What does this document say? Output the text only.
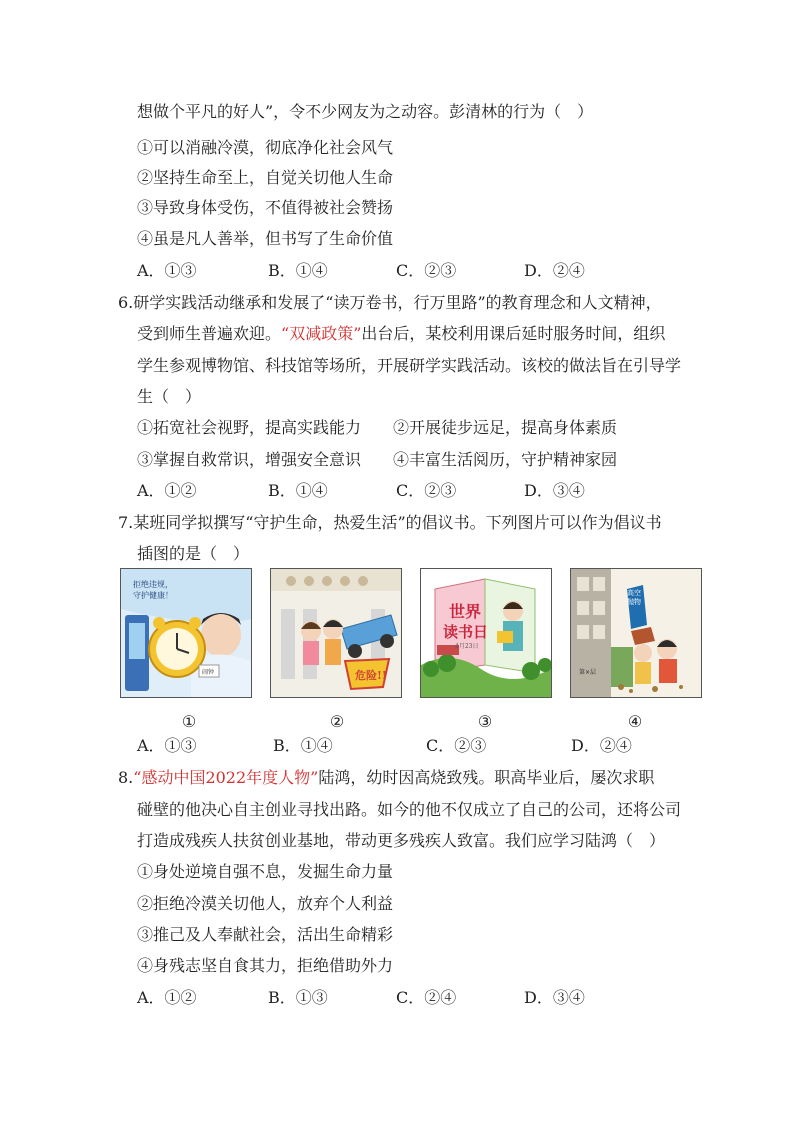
想做个平凡的好人”，令不少网友为之动容。彭清林的行为（　）
①可以消融冷漠，彻底净化社会风气
②坚持生命至上，自觉关切他人生命
③导致身体受伤，不值得被社会赞扬
④虽是凡人善举，但书写了生命价值
A．①③	B．①④	C．②③	D．②④
6.研学实践活动继承和发展了“读万卷书，行万里路”的教育理念和人文精神，
受到师生普遍欢迎。“双减政策”出台后，某校利用课后延时服务时间，组织
学生参观博物馆、科技馆等场所，开展研学实践活动。该校的做法旨在引导学
生（　）
①拓宽社会视野，提高实践能力 ②开展徒步远足，提高身体素质
③掌握自救常识，增强安全意识 ④丰富生活阅历，守护精神家园
A．①②	B．①④	C．②③	D．③④
7.某班同学拟撰写“守护生命，热爱生活”的倡议书。下列图片可以作为倡议书
插图的是（　）
拒绝违规，
守护健康！
闹钟	危险!!
世界
读书日
4月23日
高空抛物
第×层
①	②	③	④
A．①③	B．①④	C．②③	D．②④
8.“感动中国2022年度人物”陆鸿，幼时因高烧致残。职高毕业后，屡次求职
碰壁的他决心自主创业寻找出路。如今的他不仅成立了自己的公司，还将公司
打造成残疾人扶贫创业基地，带动更多残疾人致富。我们应学习陆鸿（　）
①身处逆境自强不息，发掘生命力量
②拒绝冷漠关切他人，放弃个人利益
③推己及人奉献社会，活出生命精彩
④身残志坚自食其力，拒绝借助外力
A．①②	B．①③	C．②④	D．③④
